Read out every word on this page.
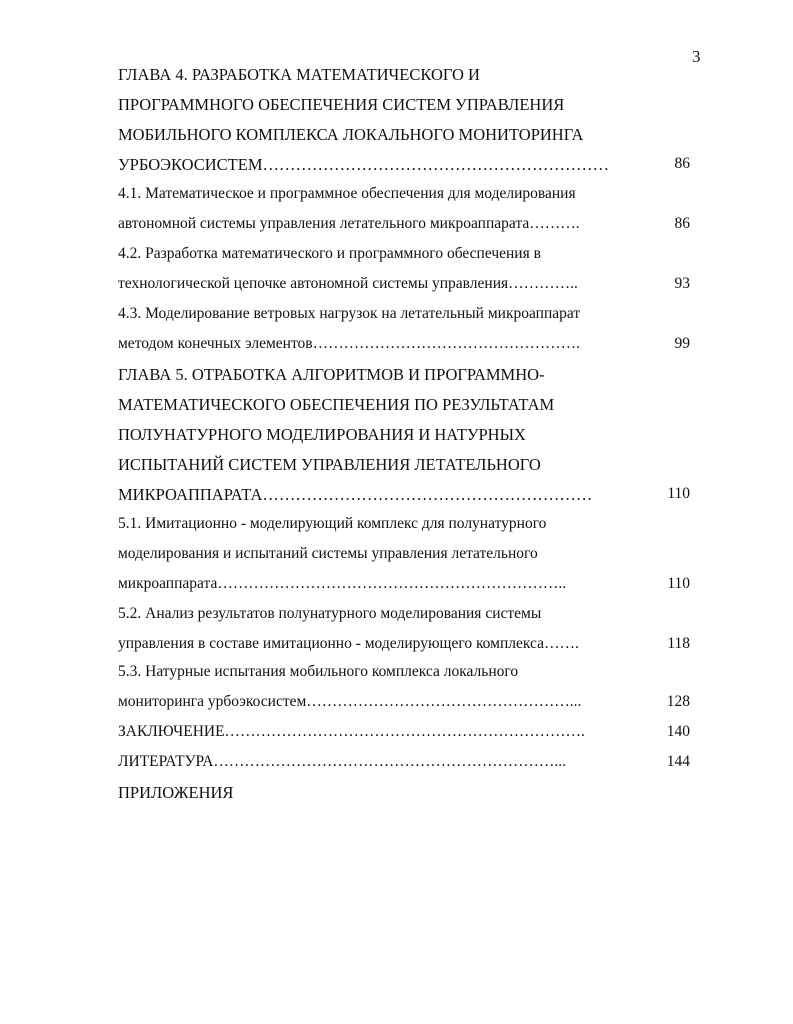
3
ГЛАВА 4. РАЗРАБОТКА МАТЕМАТИЧЕСКОГО И
ПРОГРАММНОГО ОБЕСПЕЧЕНИЯ СИСТЕМ УПРАВЛЕНИЯ
МОБИЛЬНОГО КОМПЛЕКСА ЛОКАЛЬНОГО МОНИТОРИНГА
УРБОЭКОСИСТЕМ………………………………………………………	86
4.1. Математическое и программное обеспечения для моделирования
автономной системы управления летательного микроаппарата……….	86
4.2. Разработка математического и программного обеспечения в
технологической цепочке автономной системы управления…………..	93
4.3. Моделирование ветровых нагрузок на летательный микроаппарат
методом конечных элементов…………………………………………….	99
ГЛАВА 5. ОТРАБОТКА АЛГОРИТМОВ И ПРОГРАММНО-
МАТЕМАТИЧЕСКОГО ОБЕСПЕЧЕНИЯ ПО РЕЗУЛЬТАТАМ
ПОЛУНАТУРНОГО МОДЕЛИРОВАНИЯ И НАТУРНЫХ
ИСПЫТАНИЙ СИСТЕМ УПРАВЛЕНИЯ ЛЕТАТЕЛЬНОГО
МИКРОАППАРАТА……………………………………………………	110
5.1. Имитационно - моделирующий комплекс для полунатурного
моделирования и испытаний системы управления летательного
микроаппарата…………………………………………………………..	110
5.2. Анализ результатов полунатурного моделирования системы
управления в составе имитационно - моделирующего комплекса…….	118
5.3. Натурные испытания мобильного комплекса локального
мониторинга урбоэкосистем……………………………………………...	128
ЗАКЛЮЧЕНИЕ…………………………………………………………….	140
ЛИТЕРАТУРА…………………………………………………………...	144
ПРИЛОЖЕНИЯ
